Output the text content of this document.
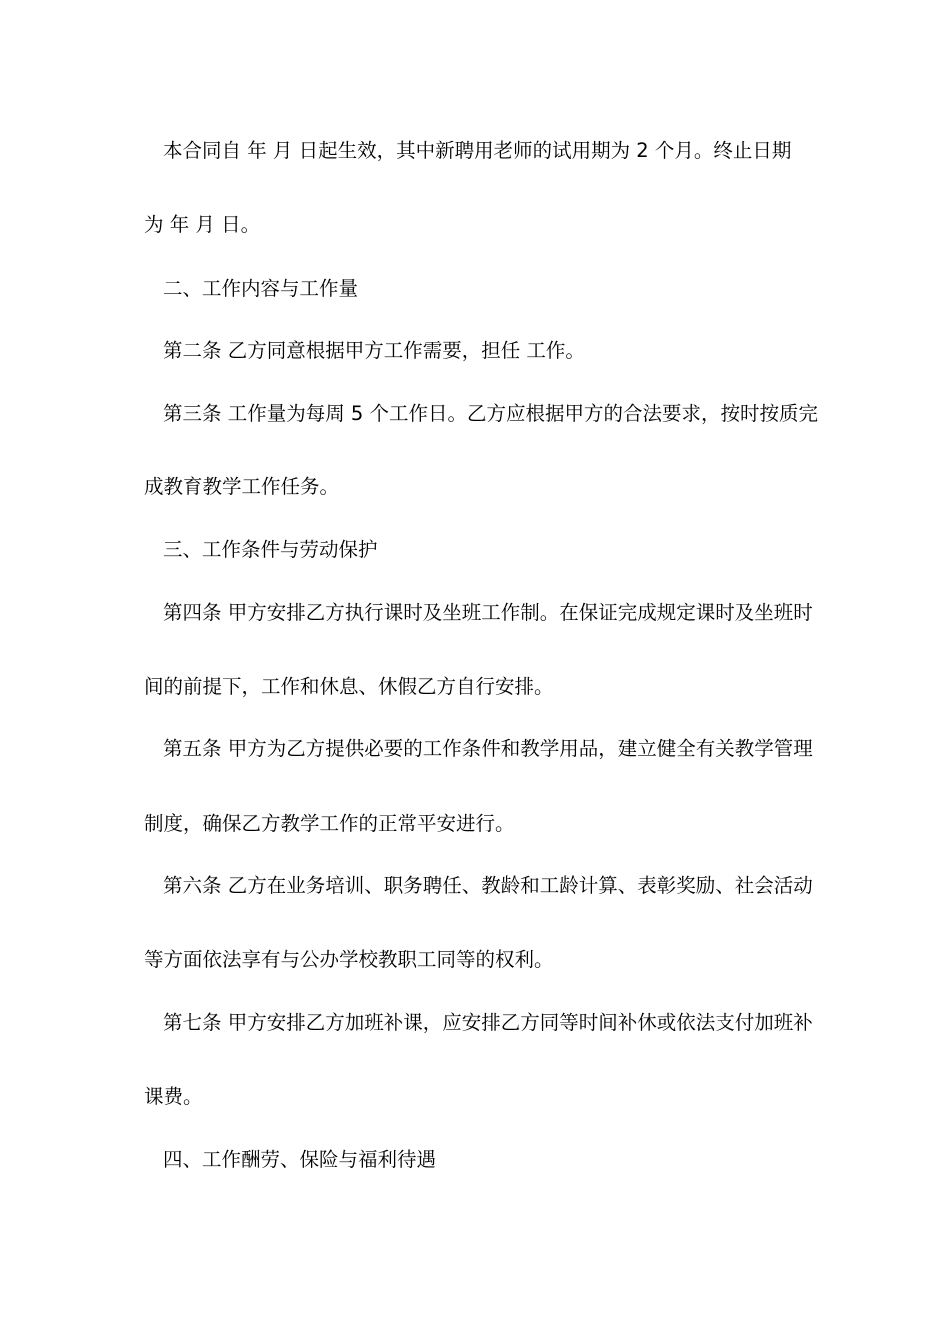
本合同自 年 月 日起生效，其中新聘用老师的试用期为 2 个月。终止日期
为 年 月 日。
二、工作内容与工作量
第二条 乙方同意根据甲方工作需要，担任 工作。
第三条 工作量为每周 5 个工作日。乙方应根据甲方的合法要求，按时按质完
成教育教学工作任务。
三、工作条件与劳动保护
第四条 甲方安排乙方执行课时及坐班工作制。在保证完成规定课时及坐班时
间的前提下，工作和休息、休假乙方自行安排。
第五条 甲方为乙方提供必要的工作条件和教学用品，建立健全有关教学管理
制度，确保乙方教学工作的正常平安进行。
第六条 乙方在业务培训、职务聘任、教龄和工龄计算、表彰奖励、社会活动
等方面依法享有与公办学校教职工同等的权利。
第七条 甲方安排乙方加班补课，应安排乙方同等时间补休或依法支付加班补
课费。
四、工作酬劳、保险与福利待遇
